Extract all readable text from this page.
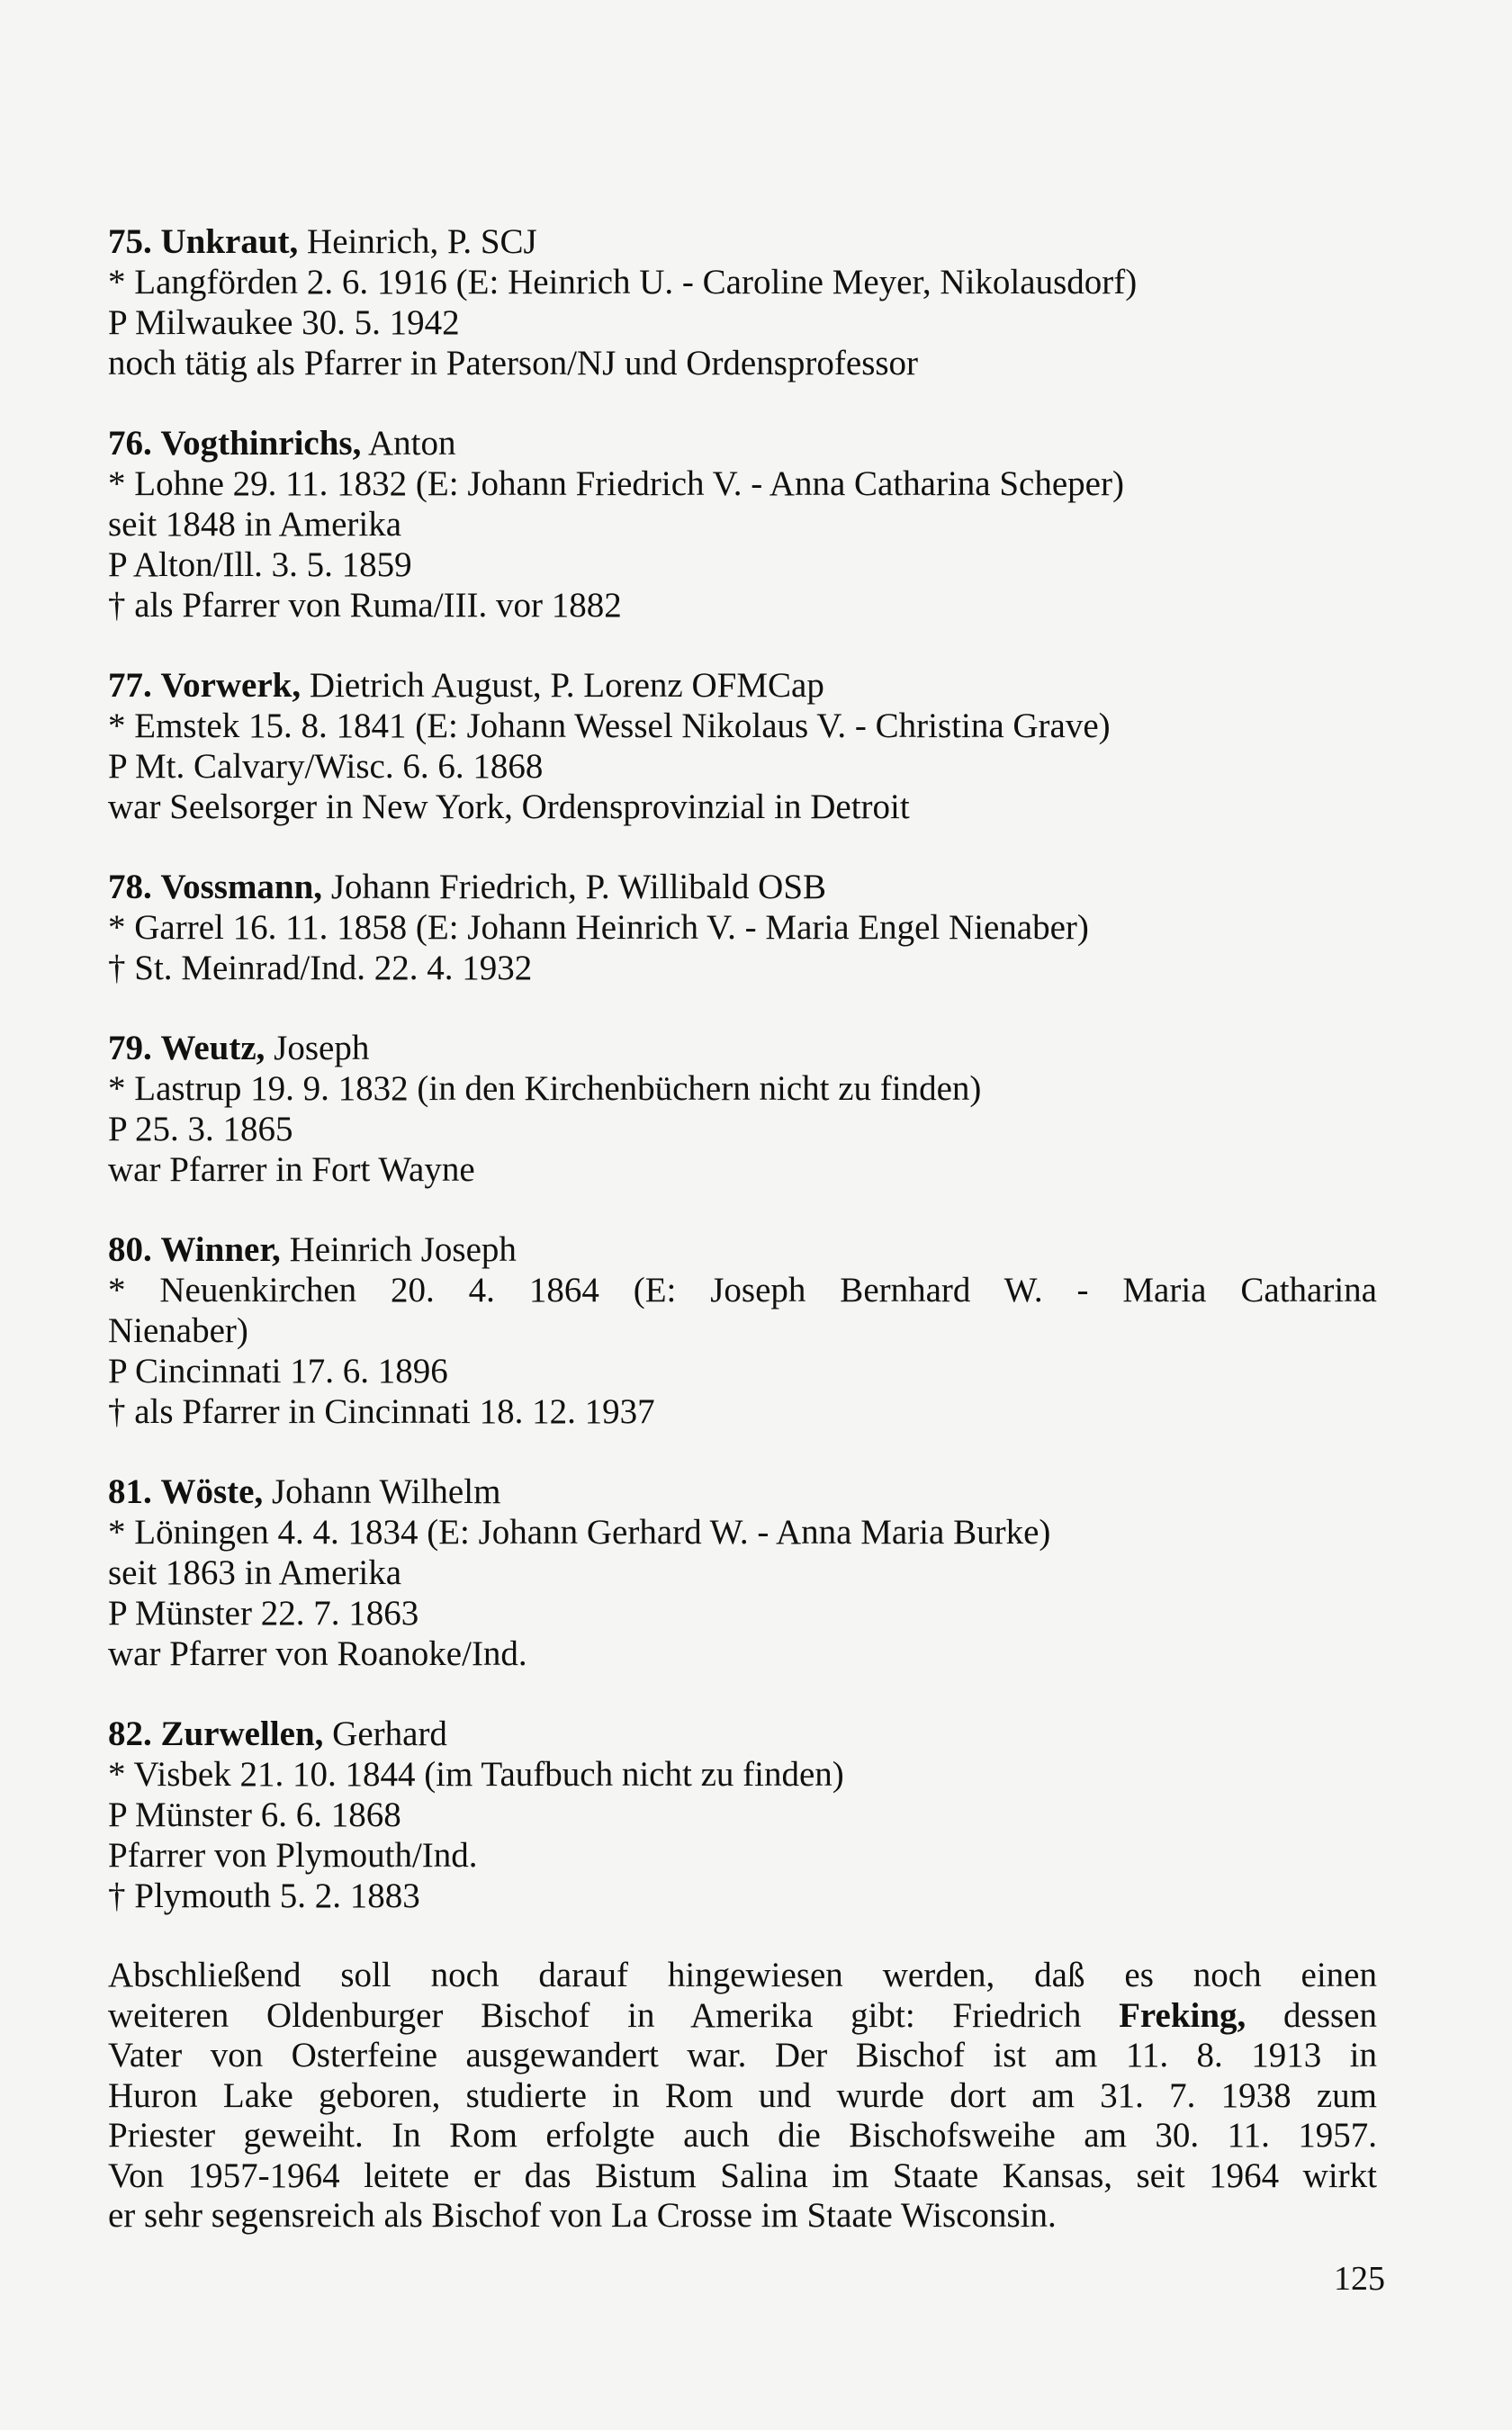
75. Unkraut, Heinrich, P. SCJ
* Langförden 2. 6. 1916 (E: Heinrich U. - Caroline Meyer, Nikolausdorf)
P Milwaukee 30. 5. 1942
noch tätig als Pfarrer in Paterson/NJ und Ordensprofessor
76. Vogthinrichs, Anton
* Lohne 29. 11. 1832 (E: Johann Friedrich V. - Anna Catharina Scheper)
seit 1848 in Amerika
P Alton/Ill. 3. 5. 1859
† als Pfarrer von Ruma/III. vor 1882
77. Vorwerk, Dietrich August, P. Lorenz OFMCap
* Emstek 15. 8. 1841 (E: Johann Wessel Nikolaus V. - Christina Grave)
P Mt. Calvary/Wisc. 6. 6. 1868
war Seelsorger in New York, Ordensprovinzial in Detroit
78. Vossmann, Johann Friedrich, P. Willibald OSB
* Garrel 16. 11. 1858 (E: Johann Heinrich V. - Maria Engel Nienaber)
† St. Meinrad/Ind. 22. 4. 1932
79. Weutz, Joseph
* Lastrup 19. 9. 1832 (in den Kirchenbüchern nicht zu finden)
P 25. 3. 1865
war Pfarrer in Fort Wayne
80. Winner, Heinrich Joseph
* Neuenkirchen 20. 4. 1864 (E: Joseph Bernhard W. - Maria Catharina
Nienaber)
P Cincinnati 17. 6. 1896
† als Pfarrer in Cincinnati 18. 12. 1937
81. Wöste, Johann Wilhelm
* Löningen 4. 4. 1834 (E: Johann Gerhard W. - Anna Maria Burke)
seit 1863 in Amerika
P Münster 22. 7. 1863
war Pfarrer von Roanoke/Ind.
82. Zurwellen, Gerhard
* Visbek 21. 10. 1844 (im Taufbuch nicht zu finden)
P Münster 6. 6. 1868
Pfarrer von Plymouth/Ind.
† Plymouth 5. 2. 1883
Abschließend soll noch darauf hingewiesen werden, daß es noch einen
weiteren Oldenburger Bischof in Amerika gibt: Friedrich Freking, dessen
Vater von Osterfeine ausgewandert war. Der Bischof ist am 11. 8. 1913 in
Huron Lake geboren, studierte in Rom und wurde dort am 31. 7. 1938 zum
Priester geweiht. In Rom erfolgte auch die Bischofsweihe am 30. 11. 1957.
Von 1957-1964 leitete er das Bistum Salina im Staate Kansas, seit 1964 wirkt
er sehr segensreich als Bischof von La Crosse im Staate Wisconsin.
125
